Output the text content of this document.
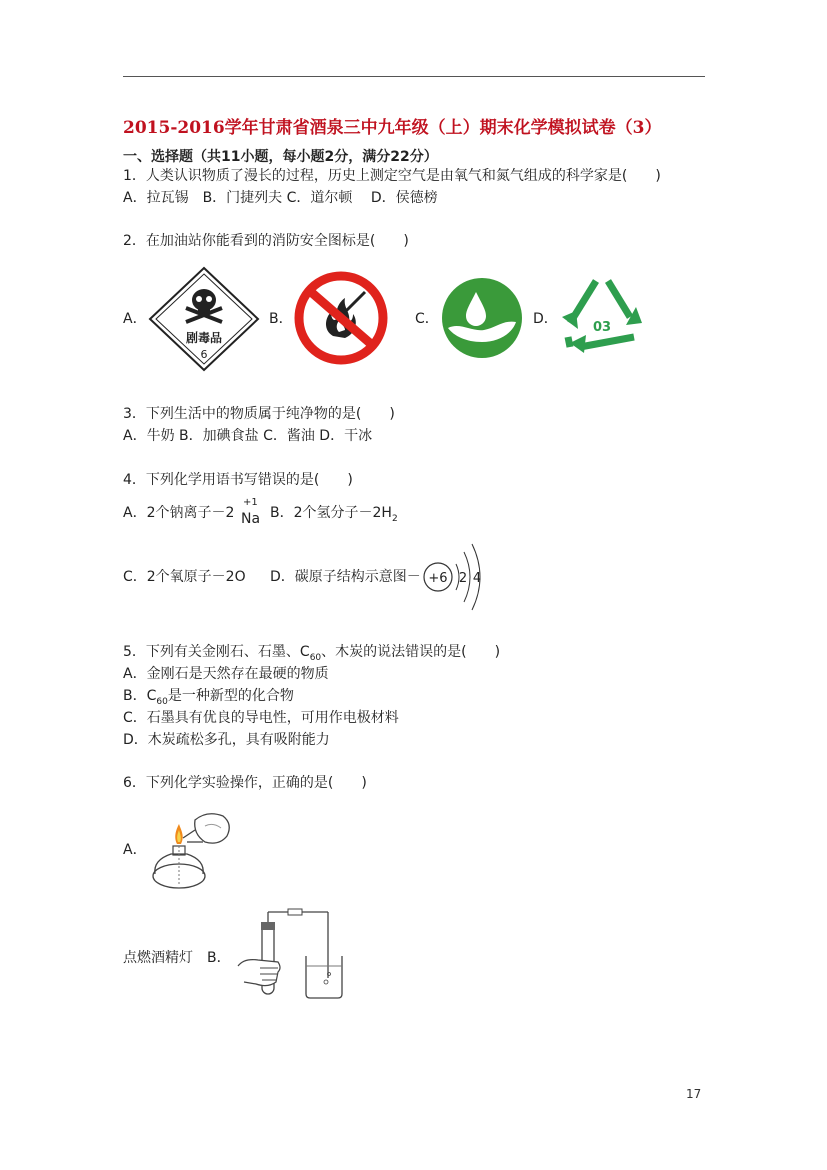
2015-2016学年甘肃省酒泉三中九年级（上）期末化学模拟试卷（3）
一、选择题（共11小题，每小题2分，满分22分）
1．人类认识物质了漫长的过程，历史上测定空气是由氧气和氮气组成的科学家是(　　)
A．拉瓦锡　B．门捷列夫 C．道尔顿　 D．侯德榜
2．在加油站你能看到的消防安全图标是(　　)
A．
剧毒品
6
B．	C．	D．
03
3．下列生活中的物质属于纯净物的是(　　)
A．牛奶 B．加碘食盐 C．酱油 D．干冰
4．下列化学用语书写错误的是(　　)
A．2个钠离子－2
+1
Na B．2个氢分子$-2H_2$
C．2个氧原子－2O D．碳原子结构示意图－ +6 2 4
5．下列有关金刚石、石墨、$C_{60}$、木炭的说法错误的是(　　)
A．金刚石是天然存在最硬的物质
B．$C_{60}$是一种新型的化合物
C．石墨具有优良的导电性，可用作电极材料
D．木炭疏松多孔，具有吸附能力
6．下列化学实验操作，正确的是(　　)
A．
点燃酒精灯　 B．
17
